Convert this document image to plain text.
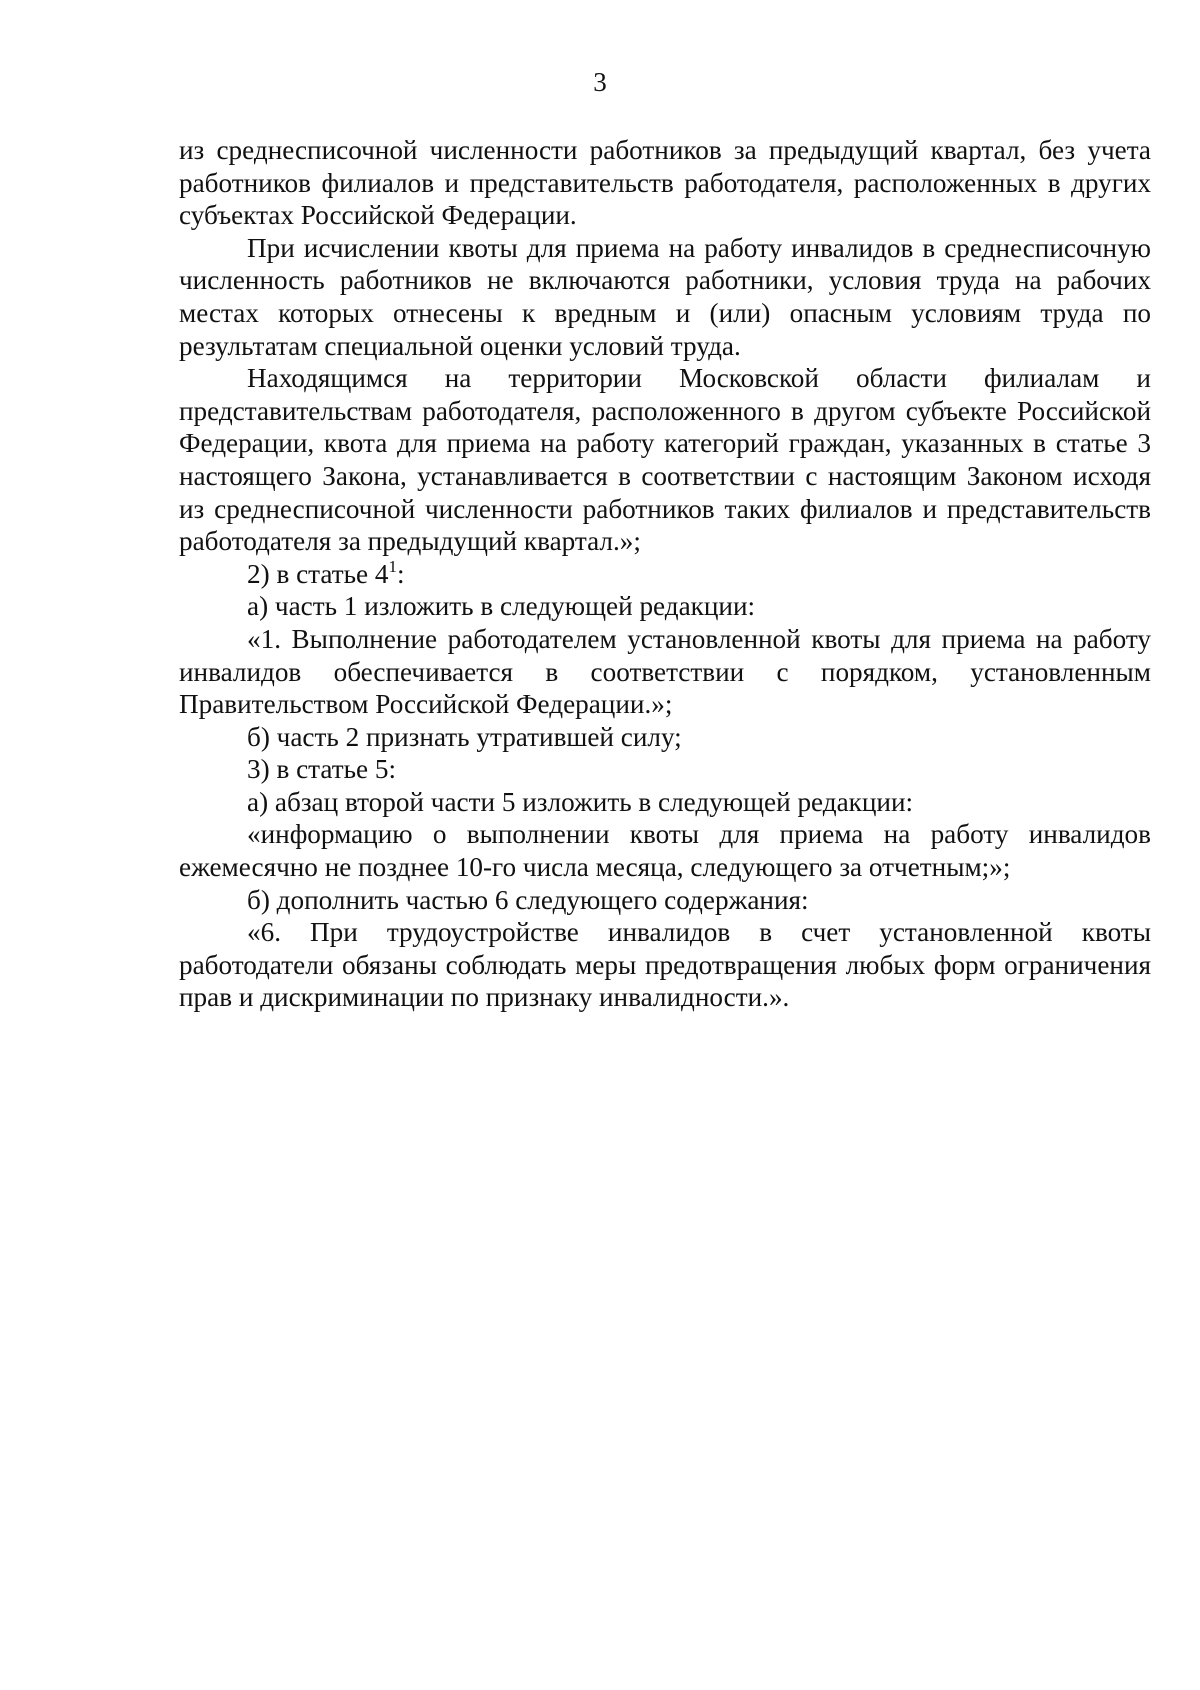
3

из среднесписочной численности работников за предыдущий квартал, без учета работников филиалов и представительств работодателя, расположенных в других субъектах Российской Федерации.

При исчислении квоты для приема на работу инвалидов в среднесписочную численность работников не включаются работники, условия труда на рабочих местах которых отнесены к вредным и (или) опасным условиям труда по результатам специальной оценки условий труда.

Находящимся на территории Московской области филиалам и представительствам работодателя, расположенного в другом субъекте Российской Федерации, квота для приема на работу категорий граждан, указанных в статье 3 настоящего Закона, устанавливается в соответствии с настоящим Законом исходя из среднесписочной численности работников таких филиалов и представительств работодателя за предыдущий квартал.»;

2) в статье $4^1$:

а) часть 1 изложить в следующей редакции:

«1. Выполнение работодателем установленной квоты для приема на работу инвалидов обеспечивается в соответствии с порядком, установленным Правительством Российской Федерации.»;

б) часть 2 признать утратившей силу;

3) в статье 5:

а) абзац второй части 5 изложить в следующей редакции:

«информацию о выполнении квоты для приема на работу инвалидов ежемесячно не позднее 10-го числа месяца, следующего за отчетным;»;

б) дополнить частью 6 следующего содержания:

«6. При трудоустройстве инвалидов в счет установленной квоты работодатели обязаны соблюдать меры предотвращения любых форм ограничения прав и дискриминации по признаку инвалидности.».
